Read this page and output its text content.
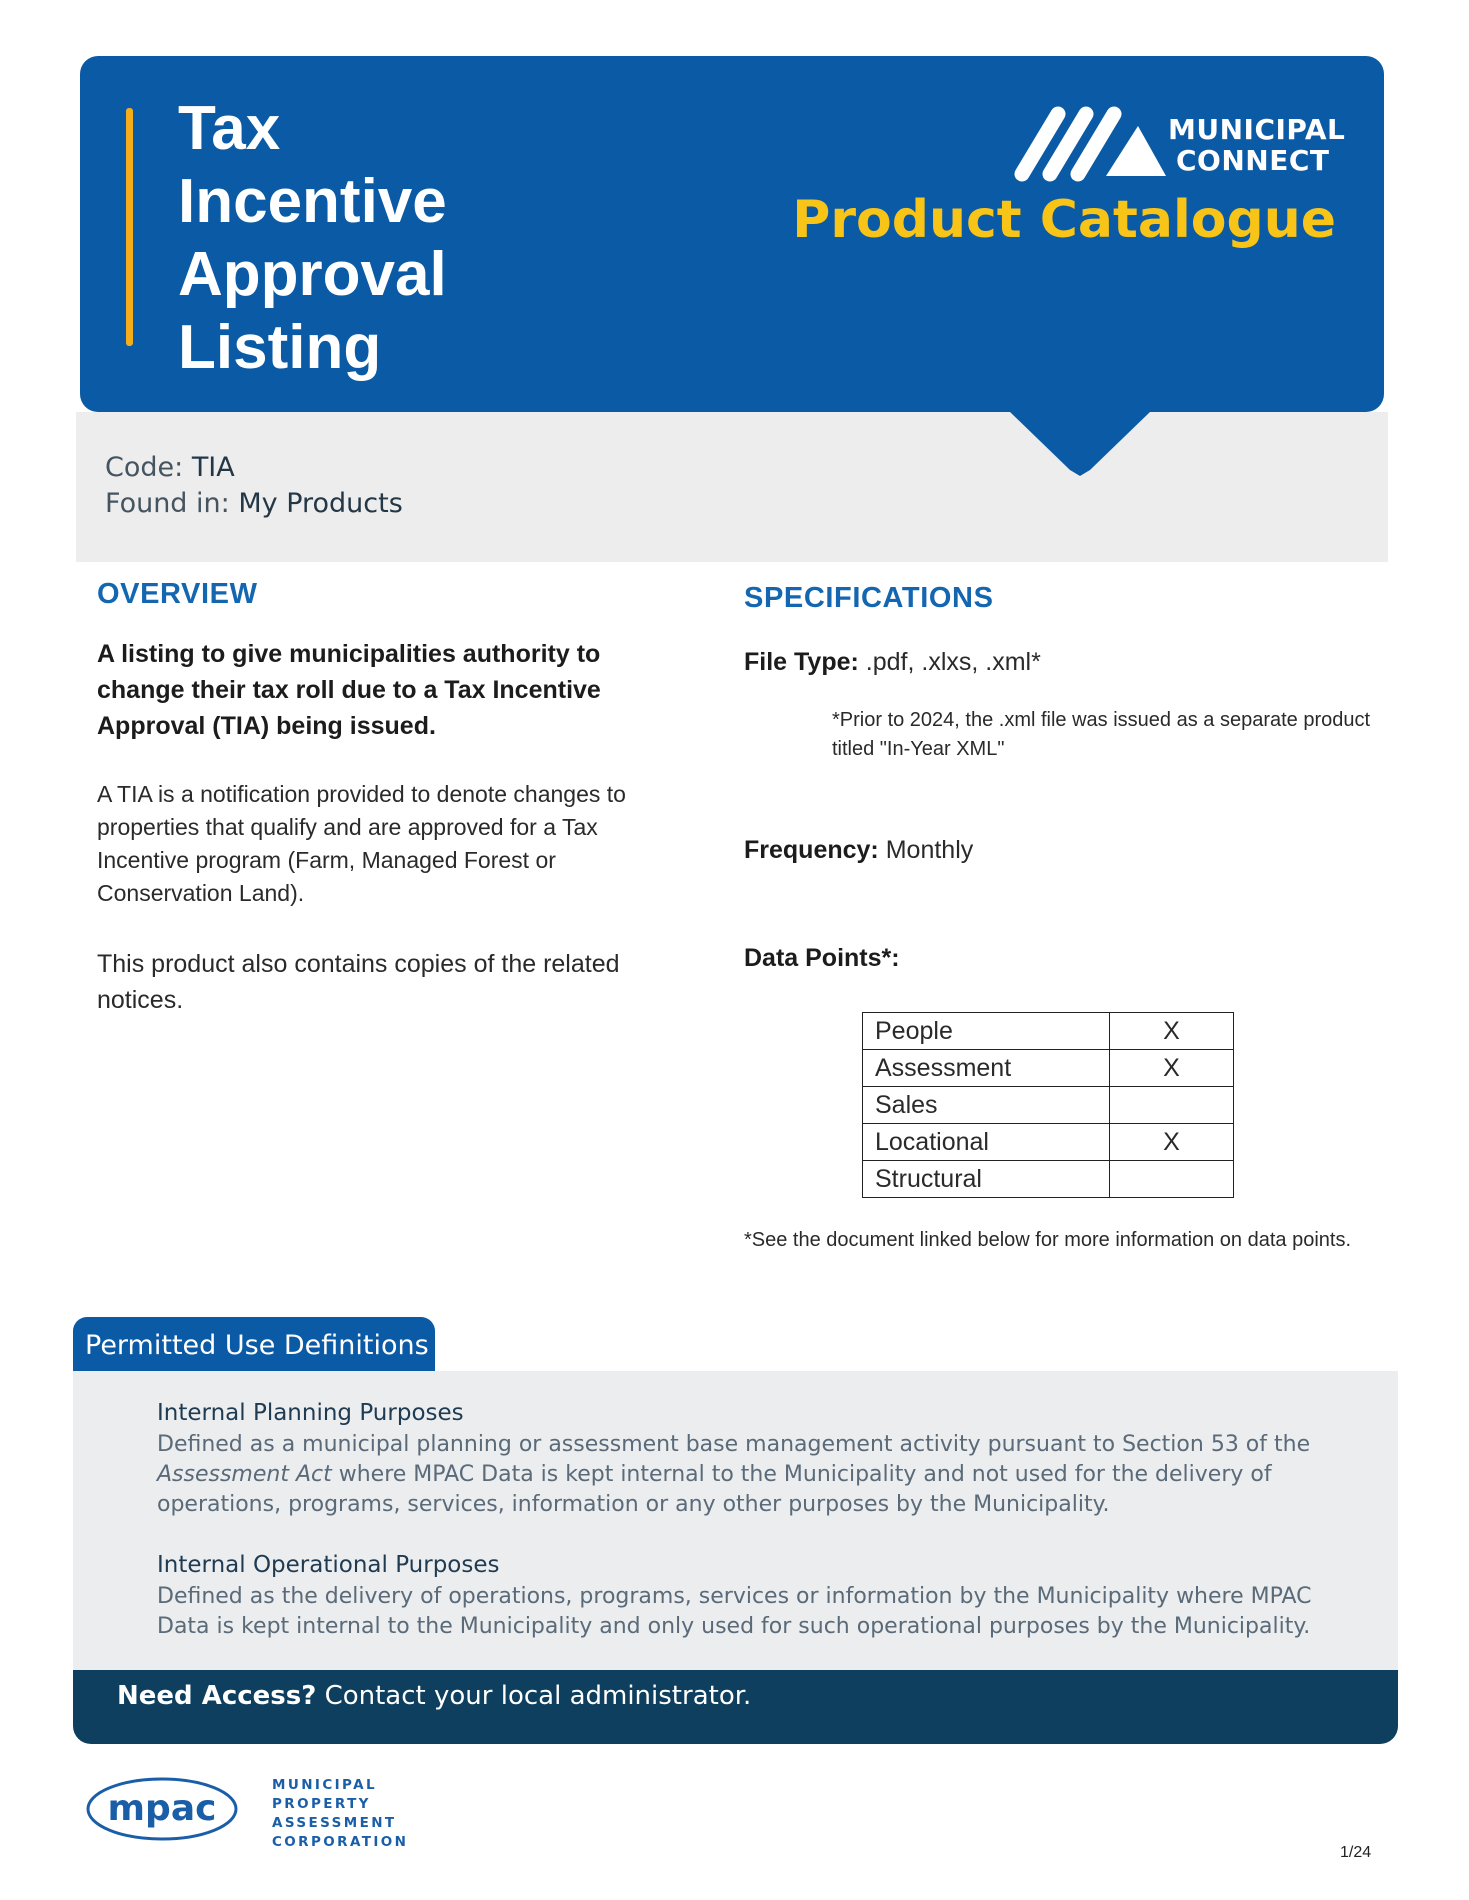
Tax
Incentive
Approval
Listing
MUNICIPAL
CONNECT
Product Catalogue
Code: TIA
Found in: My Products
OVERVIEW

A listing to give municipalities authority to change their tax roll due to a Tax Incentive Approval (TIA) being issued.

A TIA is a notification provided to denote changes to properties that qualify and are approved for a Tax Incentive program (Farm, Managed Forest or Conservation Land).

This product also contains copies of the related notices.

SPECIFICATIONS
File Type: .pdf, .xlxs, .xml*

*Prior to 2024, the .xml file was issued as a separate product titled "In-Year XML"

Frequency: Monthly
Data Points*:
People	X
Assessment	X
Sales	
Locational	X
Structural	

*See the document linked below for more information on data points.

Permitted Use Definitions
Internal Planning Purposes

Defined as a municipal planning or assessment base management activity pursuant to Section 53 of the Assessment Act where MPAC Data is kept internal to the Municipality and not used for the delivery of operations, programs, services, information or any other purposes by the Municipality.

Internal Operational Purposes

Defined as the delivery of operations, programs, services or information by the Municipality where MPAC Data is kept internal to the Municipality and only used for such operational purposes by the Municipality.

Need Access? Contact your local administrator.
mpac
MUNICIPAL
PROPERTY
ASSESSMENT
CORPORATION
1/24
